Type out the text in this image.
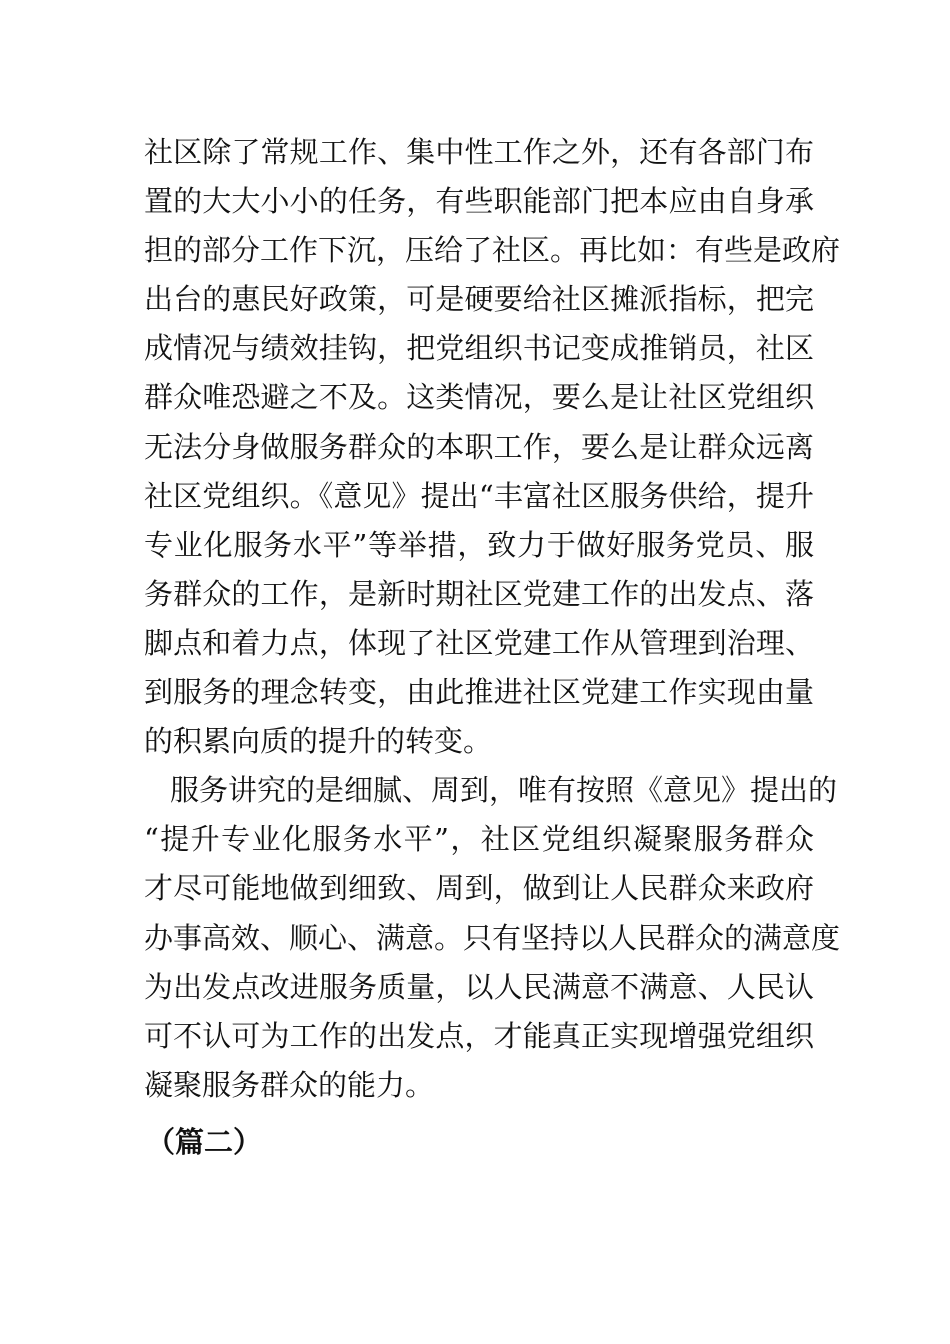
社区除了常规工作、集中性工作之外，还有各部门布
置的大大小小的任务，有些职能部门把本应由自身承
担的部分工作下沉，压给了社区。再比如：有些是政府
出台的惠民好政策，可是硬要给社区摊派指标，把完
成情况与绩效挂钩，把党组织书记变成推销员，社区
群众唯恐避之不及。这类情况，要么是让社区党组织
无法分身做服务群众的本职工作，要么是让群众远离
社区党组织。《意见》提出“丰富社区服务供给，提升
专业化服务水平”等举措，致力于做好服务党员、服
务群众的工作，是新时期社区党建工作的出发点、落
脚点和着力点，体现了社区党建工作从管理到治理、
到服务的理念转变，由此推进社区党建工作实现由量
的积累向质的提升的转变。
服务讲究的是细腻、周到，唯有按照《意见》提出的
“提升专业化服务水平”，社区党组织凝聚服务群众
才尽可能地做到细致、周到，做到让人民群众来政府
办事高效、顺心、满意。只有坚持以人民群众的满意度
为出发点改进服务质量，以人民满意不满意、人民认
可不认可为工作的出发点，才能真正实现增强党组织
凝聚服务群众的能力。
（篇二）
